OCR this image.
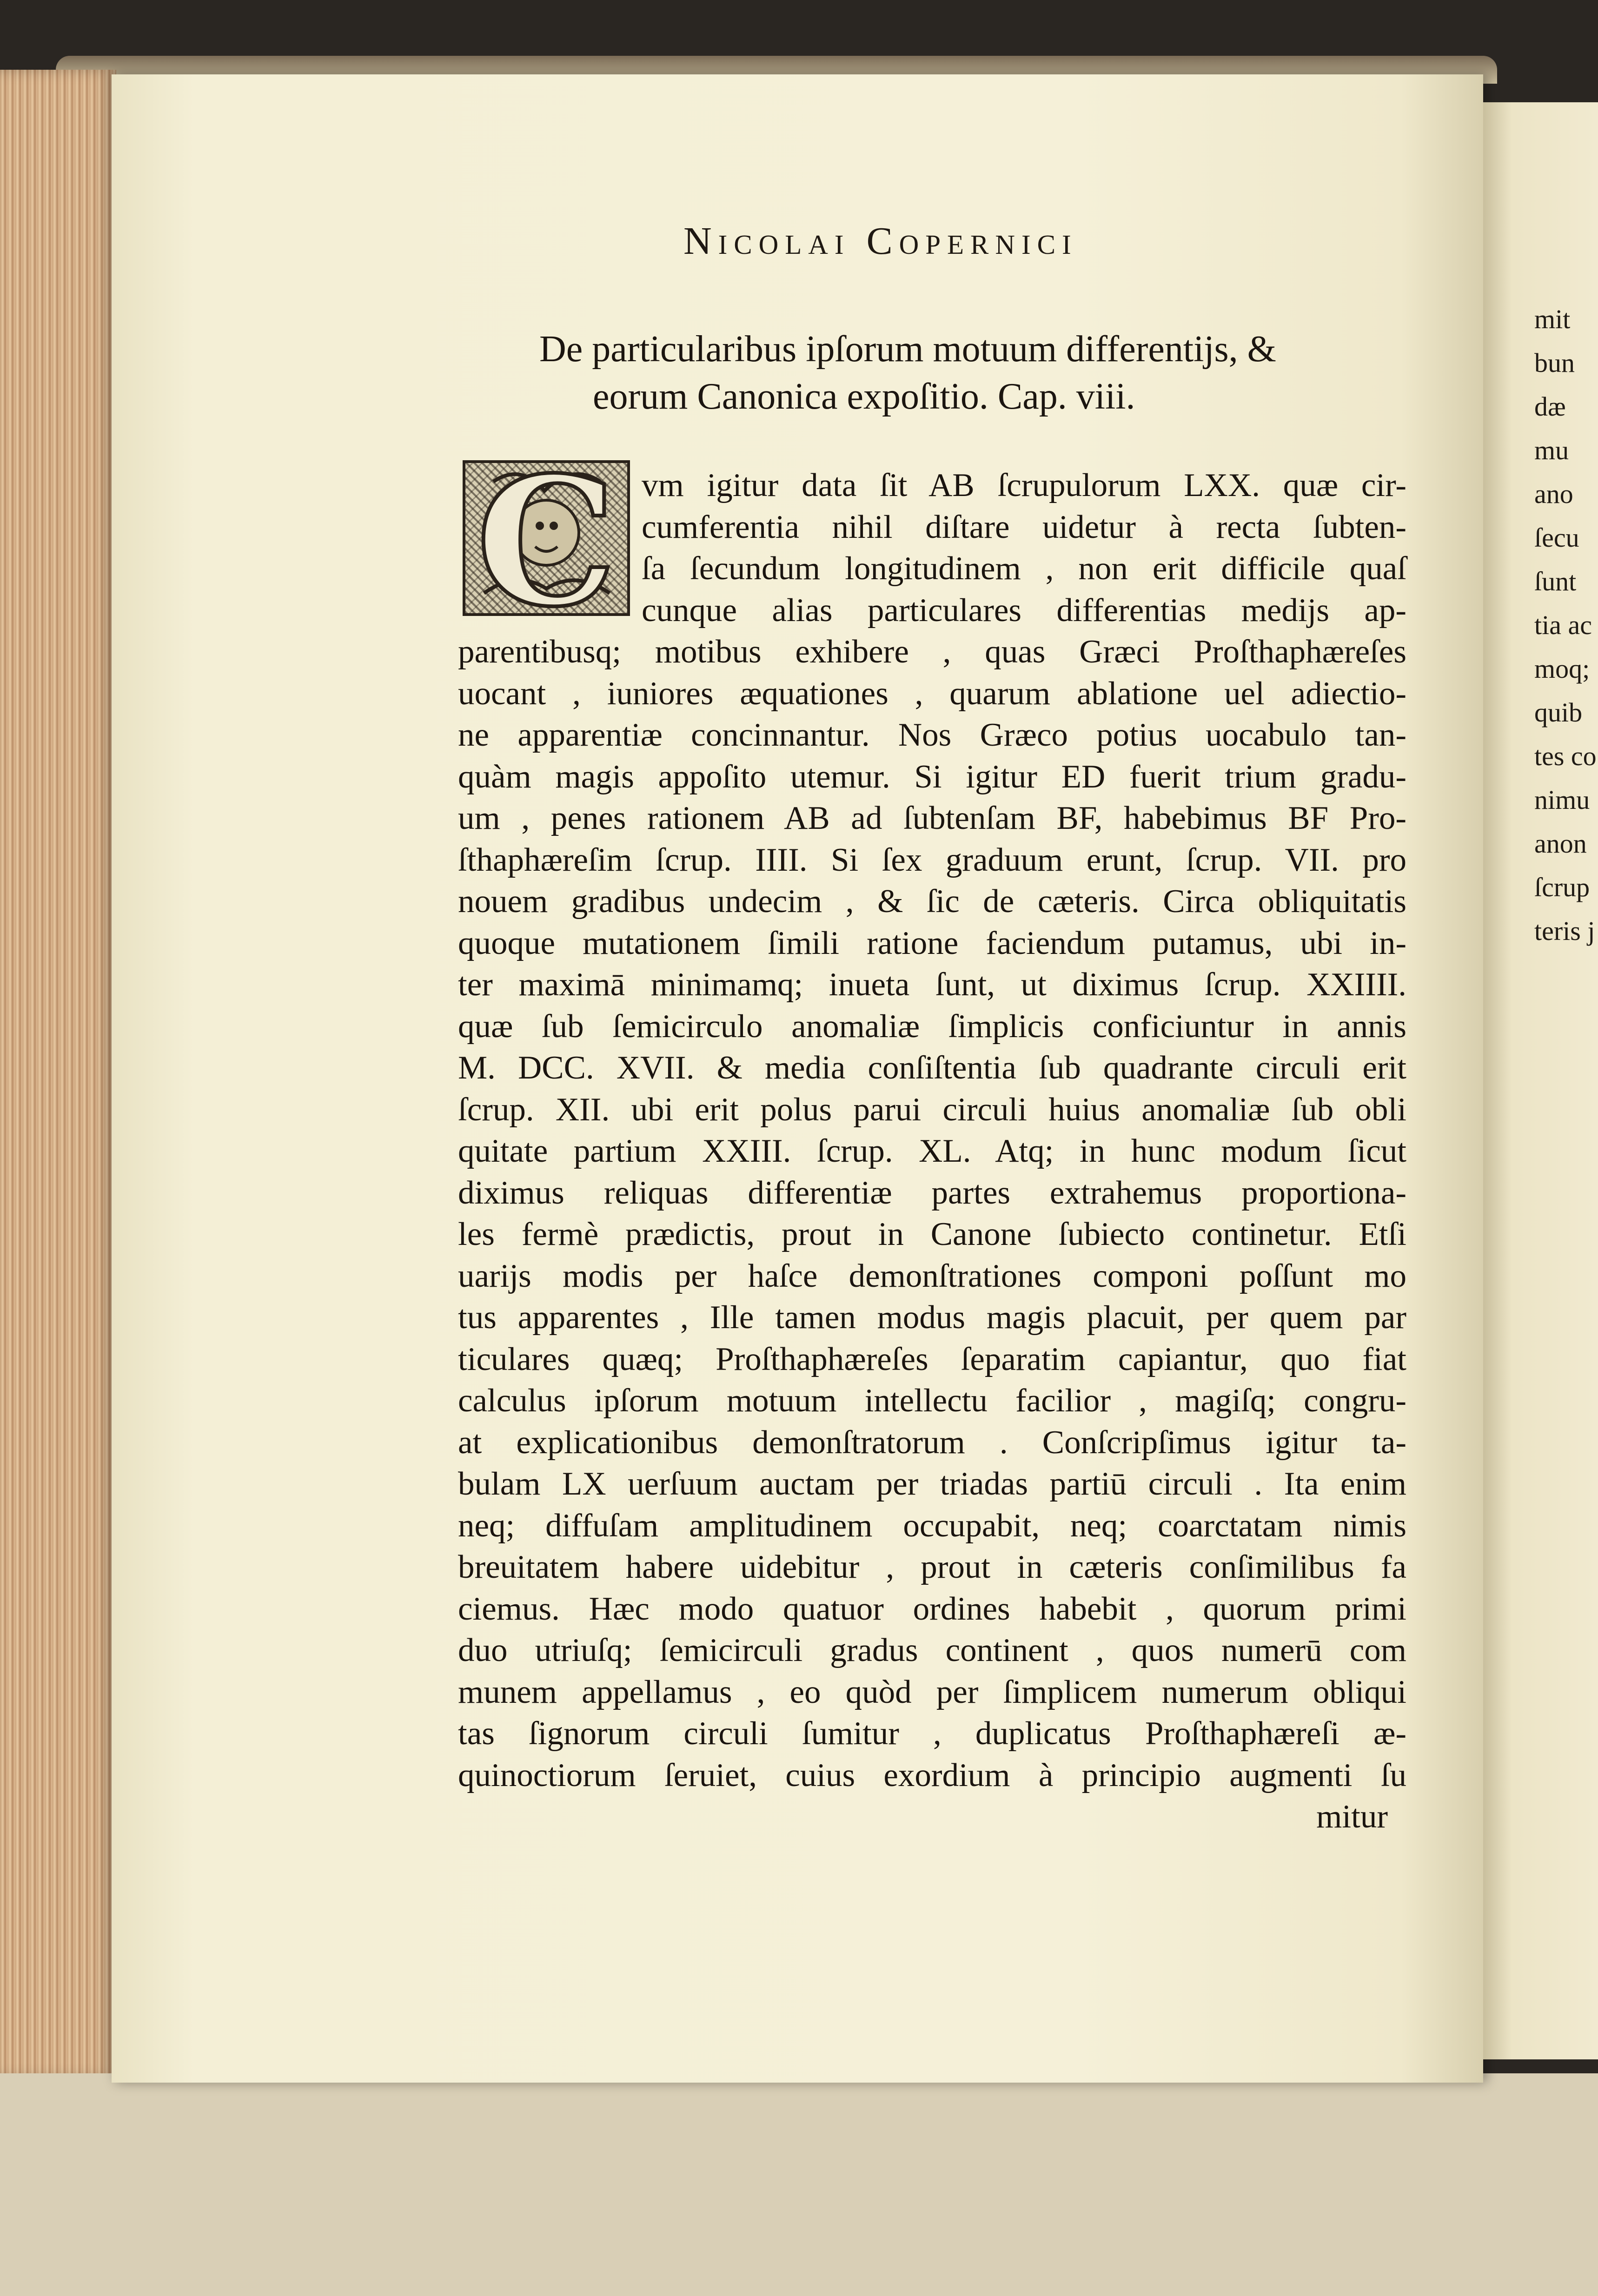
mit
bun
dæ
mu
ano
ſecu
ſunt
tia ac
moq;
quib
tes co
nimu
anon
ſcrup
teris j
Nicolai Copernici
De particularibus ipſorum motuum differentijs, &
eorum Canonica expoſitio. Cap. viii.
C vm igitur data ſit AB ſcrupulorum LXX. quæ cir-
cumferentia nihil diſtare uidetur à recta ſubten-
ſa ſecundum longitudinem , non erit difficile quaſ
cunque alias particulares differentias medijs ap-
parentibusq; motibus exhibere , quas Græci Proſthaphæreſes
uocant , iuniores æquationes , quarum ablatione uel adiectio-
ne apparentiæ concinnantur. Nos Græco potius uocabulo tan-
quàm magis appoſito utemur. Si igitur ED fuerit trium gradu-
um , penes rationem AB ad ſubtenſam BF, habebimus BF Pro-
ſthaphæreſim ſcrup. IIII. Si ſex graduum erunt, ſcrup. VII. pro
nouem gradibus undecim , & ſic de cæteris. Circa obliquitatis
quoque mutationem ſimili ratione faciendum putamus, ubi in-
ter maximā minimamq; inueta ſunt, ut diximus ſcrup. XXIIII.
quæ ſub ſemicirculo anomaliæ ſimplicis conficiuntur in annis
M. DCC. XVII. & media conſiſtentia ſub quadrante circuli erit
ſcrup. XII. ubi erit polus parui circuli huius anomaliæ ſub obli
quitate partium XXIII. ſcrup. XL. Atq; in hunc modum ſicut
diximus reliquas differentiæ partes extrahemus proportiona-
les fermè prædictis, prout in Canone ſubiecto continetur. Etſi
uarijs modis per haſce demonſtrationes componi poſſunt mo
tus apparentes , Ille tamen modus magis placuit, per quem par
ticulares quæq; Proſthaphæreſes ſeparatim capiantur, quo fiat
calculus ipſorum motuum intellectu facilior , magiſq; congru-
at explicationibus demonſtratorum . Conſcripſimus igitur ta-
bulam LX uerſuum auctam per triadas partiū circuli . Ita enim
neq; diffuſam amplitudinem occupabit, neq; coarctatam nimis
breuitatem habere uidebitur , prout in cæteris conſimilibus fa
ciemus. Hæc modo quatuor ordines habebit , quorum primi
duo utriuſq; ſemicirculi gradus continent , quos numerū com
munem appellamus , eo quòd per ſimplicem numerum obliqui
tas ſignorum circuli ſumitur , duplicatus Proſthaphæreſi æ-
quinoctiorum ſeruiet, cuius exordium à principio augmenti ſu
mitur
